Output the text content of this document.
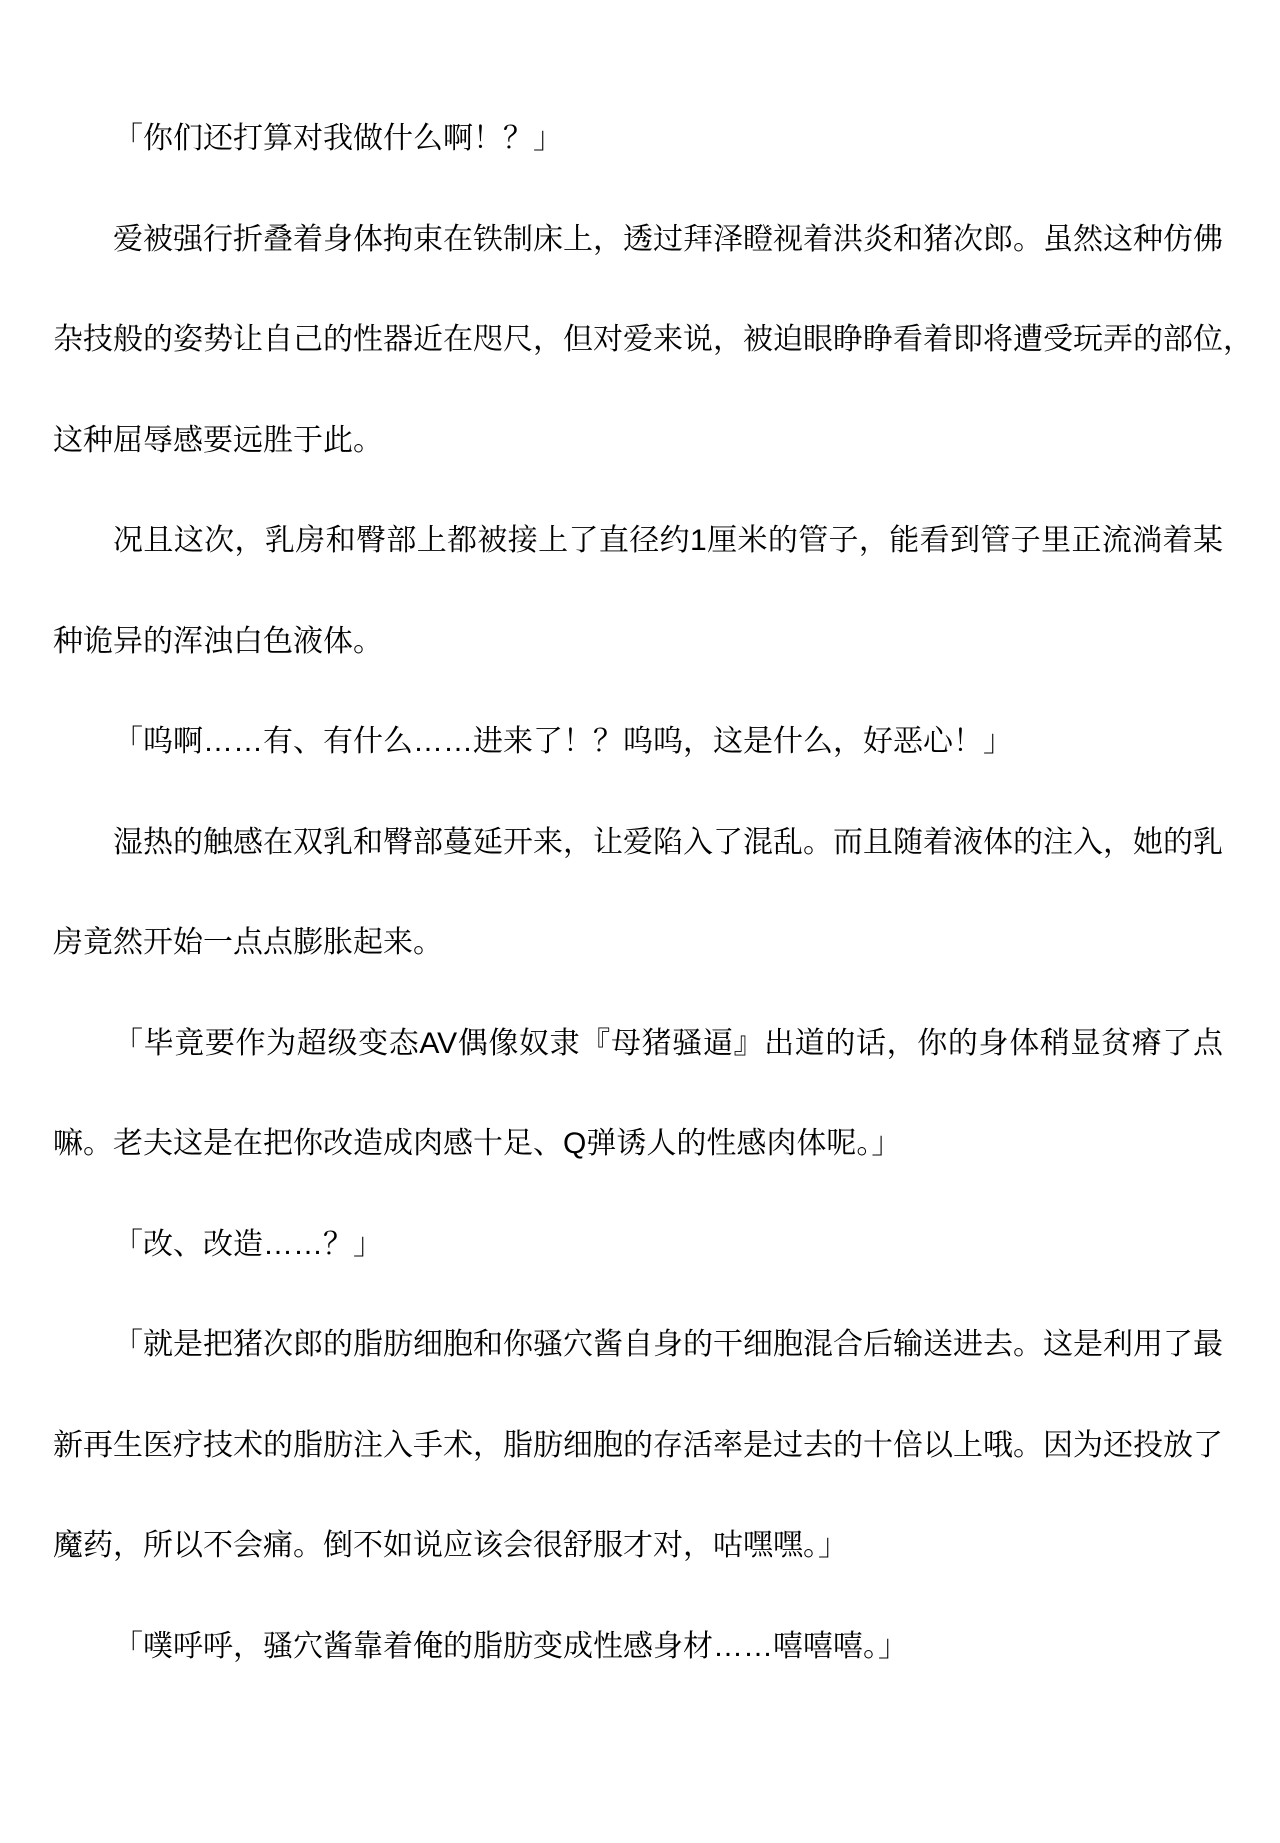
「你们还打算对我做什么啊！？」
爱被强行折叠着身体拘束在铁制床上，透过拜泽瞪视着洪炎和猪次郎。虽然这种仿佛
杂技般的姿势让自己的性器近在咫尺，但对爱来说，被迫眼睁睁看着即将遭受玩弄的部位，
这种屈辱感要远胜于此。
况且这次，乳房和臀部上都被接上了直径约1厘米的管子，能看到管子里正流淌着某
种诡异的浑浊白色液体。
「呜啊……有、有什么……进来了！？呜呜，这是什么，好恶心！」
湿热的触感在双乳和臀部蔓延开来，让爱陷入了混乱。而且随着液体的注入，她的乳
房竟然开始一点点膨胀起来。
「毕竟要作为超级变态AV偶像奴隶『母猪骚逼』出道的话，你的身体稍显贫瘠了点
嘛。老夫这是在把你改造成肉感十足、Q弹诱人的性感肉体呢。」
「改、改造……？」
「就是把猪次郎的脂肪细胞和你骚穴酱自身的干细胞混合后输送进去。这是利用了最
新再生医疗技术的脂肪注入手术，脂肪细胞的存活率是过去的十倍以上哦。因为还投放了
魔药，所以不会痛。倒不如说应该会很舒服才对，咕嘿嘿。」
「噗呼呼，骚穴酱靠着俺的脂肪变成性感身材……嘻嘻嘻。」
